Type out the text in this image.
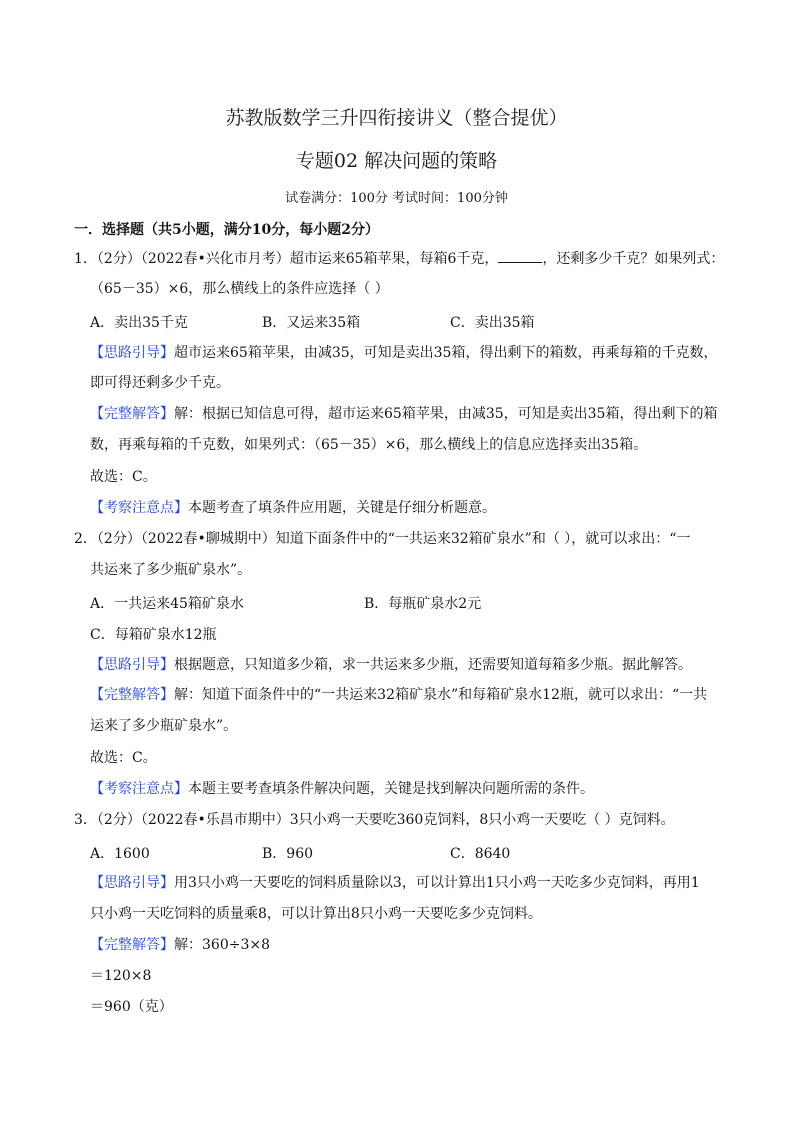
苏教版数学三升四衔接讲义（整合提优）
专题02 解决问题的策略
试卷满分：100分 考试时间：100分钟
一．选择题（共5小题，满分10分，每小题2分）
1．（2分）（2022春•兴化市月考）超市运来65箱苹果，每箱6千克，	，还剩多少千克？如果列式：
（65－35）×6，那么横线上的条件应选择（ ）
A．卖出35千克	B．又运来35箱	C．卖出35箱
【思路引导】超市运来65箱苹果，由减35，可知是卖出35箱，得出剩下的箱数，再乘每箱的千克数，
即可得还剩多少千克。
【完整解答】解：根据已知信息可得，超市运来65箱苹果，由减35，可知是卖出35箱，得出剩下的箱
数，再乘每箱的千克数，如果列式：（65－35）×6，那么横线上的信息应选择卖出35箱。
故选：C。
【考察注意点】本题考查了填条件应用题，关键是仔细分析题意。
2．（2分）（2022春•聊城期中）知道下面条件中的“一共运来32箱矿泉水”和（ ），就可以求出：“一
共运来了多少瓶矿泉水”。
A．一共运来45箱矿泉水	B．每瓶矿泉水2元
C．每箱矿泉水12瓶
【思路引导】根据题意，只知道多少箱，求一共运来多少瓶，还需要知道每箱多少瓶。据此解答。
【完整解答】解：知道下面条件中的“一共运来32箱矿泉水”和每箱矿泉水12瓶，就可以求出：“一共
运来了多少瓶矿泉水”。
故选：C。
【考察注意点】本题主要考查填条件解决问题，关键是找到解决问题所需的条件。
3．（2分）（2022春•乐昌市期中）3只小鸡一天要吃360克饲料，8只小鸡一天要吃（ ）克饲料。
A．1600	B．960	C．8640
【思路引导】用3只小鸡一天要吃的饲料质量除以3，可以计算出1只小鸡一天吃多少克饲料，再用1
只小鸡一天吃饲料的质量乘8，可以计算出8只小鸡一天要吃多少克饲料。
【完整解答】解：360÷3×8
＝120×8
＝960（克）
